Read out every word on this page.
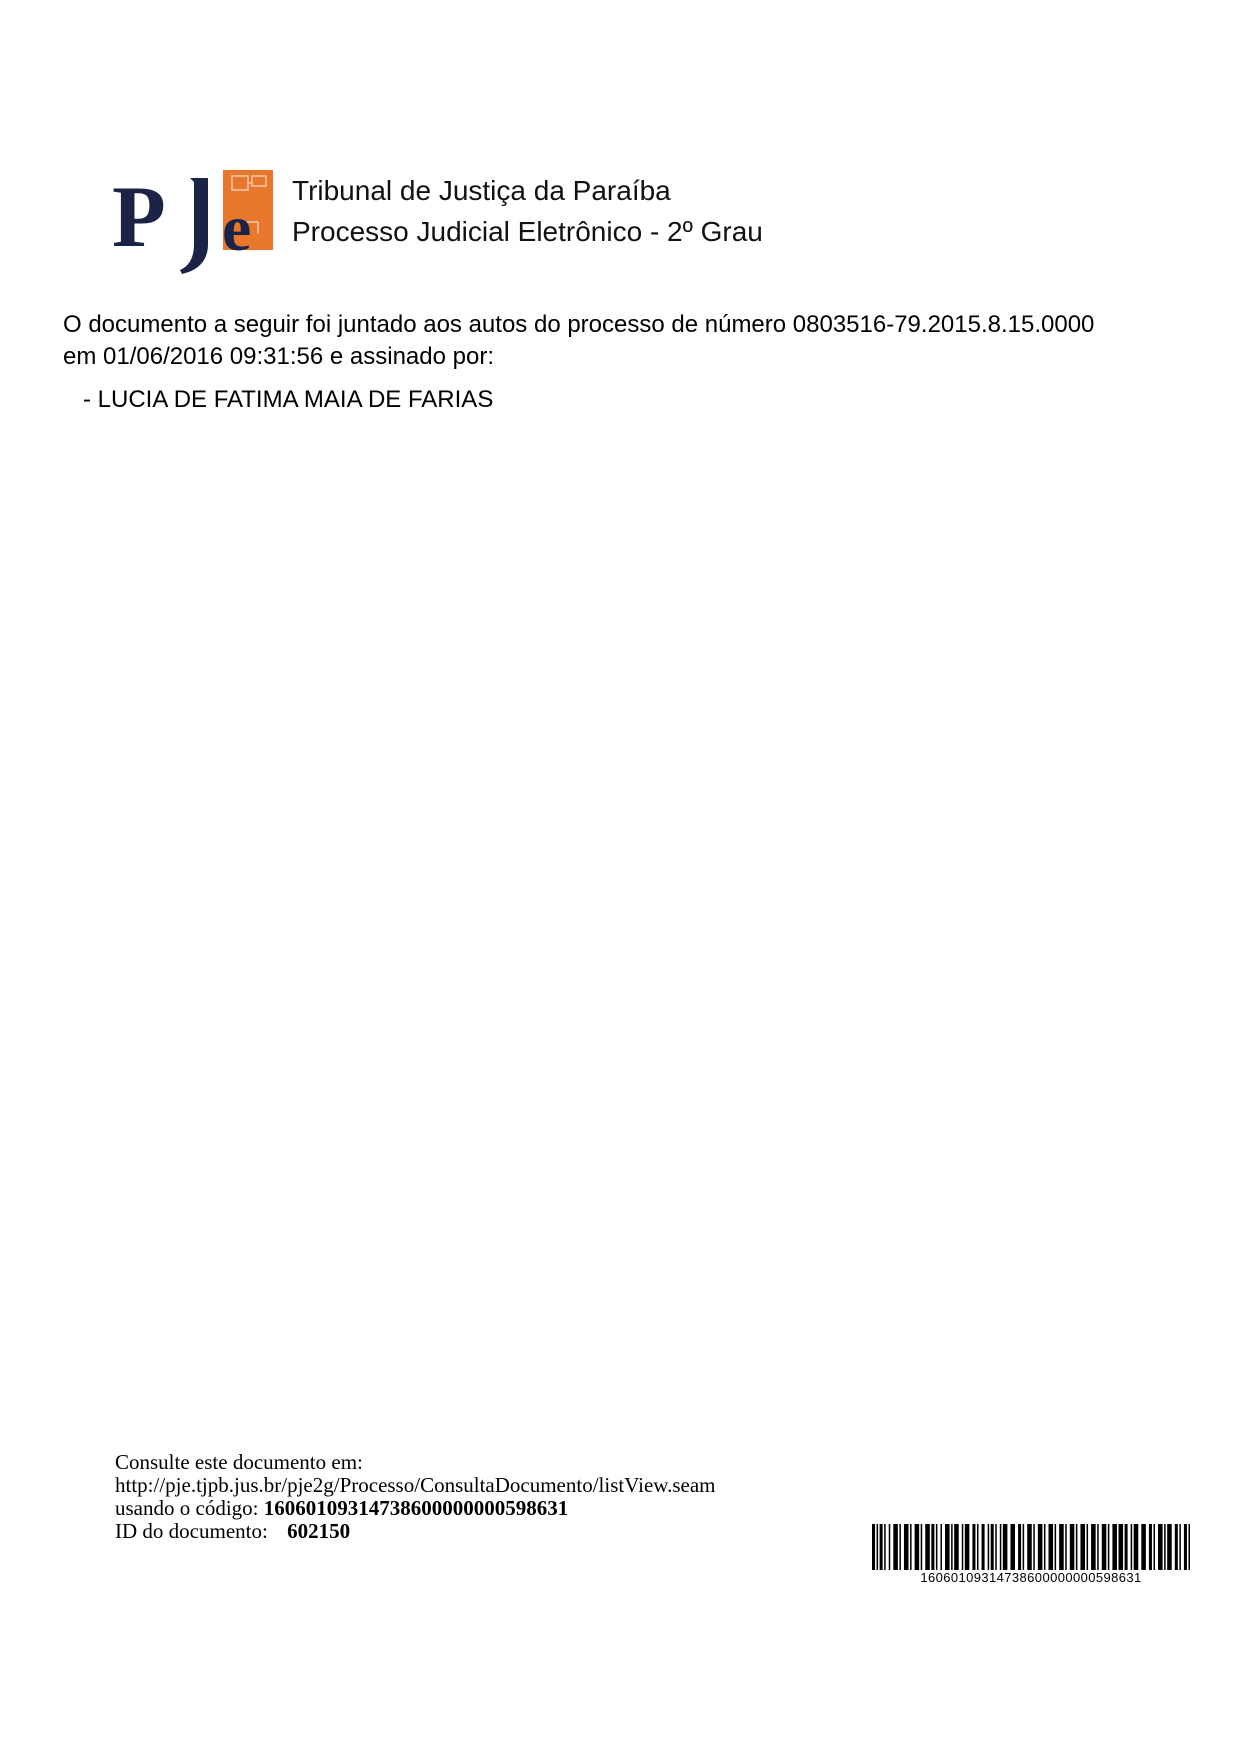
P e
Tribunal de Justiça da Paraíba
Processo Judicial Eletrônico - 2º Grau
O documento a seguir foi juntado aos autos do processo de número 0803516-79.2015.8.15.0000
em 01/06/2016 09:31:56 e assinado por:
- LUCIA DE FATIMA MAIA DE FARIAS
Consulte este documento em:
http://pje.tjpb.jus.br/pje2g/Processo/ConsultaDocumento/listView.seam
usando o código: 16060109314738600000000598631
ID do documento: 602150
16060109314738600000000598631
